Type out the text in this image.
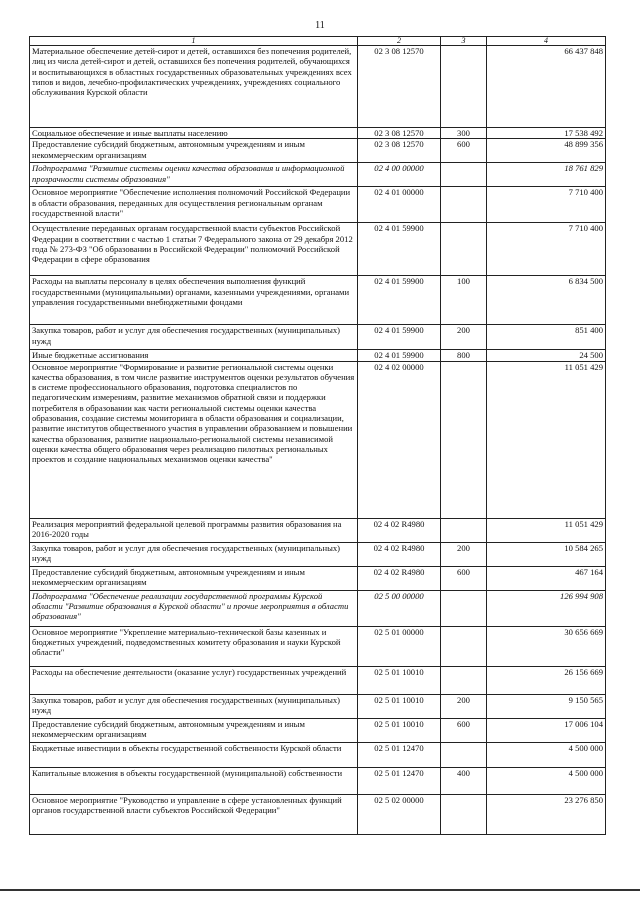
11
1	2	3	4
Материальное обеспечение детей-сирот и детей, оставшихся без попечения родителей, лиц из числа детей-сирот и детей, оставшихся без попечения родителей, обучающихся и воспитывающихся в областных государственных образовательных учреждениях всех типов и видов, лечебно-профилактических учреждениях, учреждениях социального обслуживания Курской области	02 3 08 12570		66 437 848
Социальное обеспечение и иные выплаты населению	02 3 08 12570	300	17 538 492
Предоставление субсидий бюджетным, автономным учреждениям и иным некоммерческим организациям	02 3 08 12570	600	48 899 356
Подпрограмма "Развитие системы оценки качества образования и информационной прозрачности системы образования"	02 4 00 00000		18 761 829
Основное мероприятие "Обеспечение исполнения полномочий Российской Федерации в области образования, переданных для осуществления региональным органам государственной власти"	02 4 01 00000		7 710 400
Осуществление переданных органам государственной власти субъектов Российской Федерации в соответствии с частью 1 статьи 7 Федерального закона от 29 декабря 2012 года № 273-ФЗ "Об образовании в Российской Федерации" полномочий Российской Федерации в сфере образования	02 4 01 59900		7 710 400
Расходы на выплаты персоналу в целях обеспечения выполнения функций государственными (муниципальными) органами, казенными учреждениями, органами управления государственными внебюджетными фондами	02 4 01 59900	100	6 834 500
Закупка товаров, работ и услуг для обеспечения государственных (муниципальных) нужд	02 4 01 59900	200	851 400
Иные бюджетные ассигнования	02 4 01 59900	800	24 500
Основное мероприятие "Формирование и развитие региональной системы оценки качества образования, в том числе развитие инструментов оценки результатов обучения в системе профессионального образования, подготовка специалистов по педагогическим измерениям, развитие механизмов обратной связи и поддержки потребителя в образовании как части региональной системы оценки качества образования, создание системы мониторинга в области образования и социализации, развитие институтов общественного участия в управлении образованием и повышении качества образования, развитие национально-региональной системы независимой оценки качества общего образования через реализацию пилотных региональных проектов и создание национальных механизмов оценки качества"	02 4 02 00000		11 051 429
Реализация мероприятий федеральной целевой программы развития образования на 2016-2020 годы	02 4 02 R4980		11 051 429
Закупка товаров, работ и услуг для обеспечения государственных (муниципальных) нужд	02 4 02 R4980	200	10 584 265
Предоставление субсидий бюджетным, автономным учреждениям и иным некоммерческим организациям	02 4 02 R4980	600	467 164
Подпрограмма "Обеспечение реализации государственной программы Курской области "Развитие образования в Курской области" и прочие мероприятия в области образования"	02 5 00 00000		126 994 908
Основное мероприятие "Укрепление материально-технической базы казенных и бюджетных учреждений, подведомственных комитету образования и науки Курской области"	02 5 01 00000		30 656 669
Расходы на обеспечение деятельности (оказание услуг) государственных учреждений	02 5 01 10010		26 156 669
Закупка товаров, работ и услуг для обеспечения государственных (муниципальных) нужд	02 5 01 10010	200	9 150 565
Предоставление субсидий бюджетным, автономным учреждениям и иным некоммерческим организациям	02 5 01 10010	600	17 006 104
Бюджетные инвестиции в объекты государственной собственности Курской области	02 5 01 12470		4 500 000
Капитальные вложения в объекты государственной (муниципальной) собственности	02 5 01 12470	400	4 500 000
Основное мероприятие "Руководство и управление в сфере установленных функций органов государственной власти субъектов Российской Федерации"	02 5 02 00000		23 276 850
